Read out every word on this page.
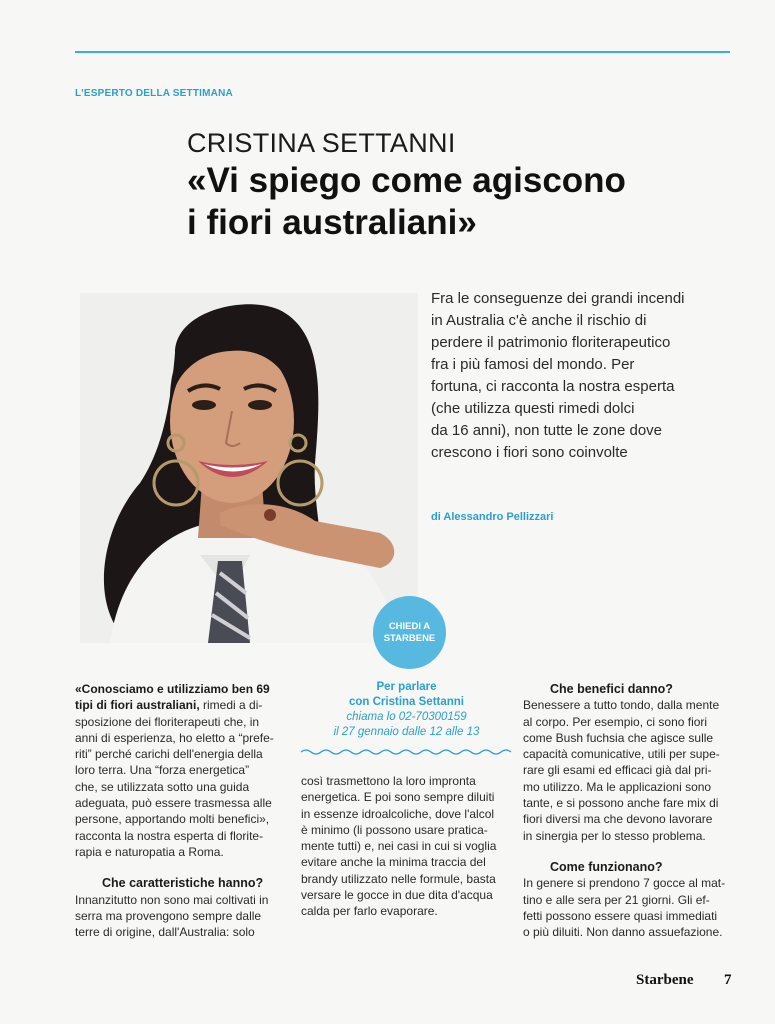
L'ESPERTO DELLA SETTIMANA
CRISTINA SETTANNI
«Vi spiego come agiscono
i fiori australiani»
Fra le conseguenze dei grandi incendi
in Australia c'è anche il rischio di
perdere il patrimonio floriterapeutico
fra i più famosi del mondo. Per
fortuna, ci racconta la nostra esperta
(che utilizza questi rimedi dolci
da 16 anni), non tutte le zone dove
crescono i fiori sono coinvolte
di Alessandro Pellizzari
CHIEDI A
STARBENE
«Conosciamo e utilizziamo ben 69
tipi di fiori australiani, rimedi a di-
sposizione dei floriterapeuti che, in
anni di esperienza, ho eletto a “prefe-
riti” perché carichi dell'energia della
loro terra. Una “forza energetica”
che, se utilizzata sotto una guida
adeguata, può essere trasmessa alle
persone, apportando molti benefici»,
racconta la nostra esperta di florite-
rapia e naturopatia a Roma.
Che caratteristiche hanno?
Innanzitutto non sono mai coltivati in
serra ma provengono sempre dalle
terre di origine, dall'Australia: solo
Per parlare
con Cristina Settanni
chiama lo 02-70300159
il 27 gennaio dalle 12 alle 13
così trasmettono la loro impronta
energetica. E poi sono sempre diluiti
in essenze idroalcoliche, dove l'alcol
è minimo (li possono usare pratica-
mente tutti) e, nei casi in cui si voglia
evitare anche la minima traccia del
brandy utilizzato nelle formule, basta
versare le gocce in due dita d'acqua
calda per farlo evaporare.
Che benefici danno?
Benessere a tutto tondo, dalla mente
al corpo. Per esempio, ci sono fiori
come Bush fuchsia che agisce sulle
capacità comunicative, utili per supe-
rare gli esami ed efficaci già dal pri-
mo utilizzo. Ma le applicazioni sono
tante, e si possono anche fare mix di
fiori diversi ma che devono lavorare
in sinergia per lo stesso problema.
Come funzionano?
In genere si prendono 7 gocce al mat-
tino e alle sera per 21 giorni. Gli ef-
fetti possono essere quasi immediati
o più diluiti. Non danno assuefazione.
Starbene 7
